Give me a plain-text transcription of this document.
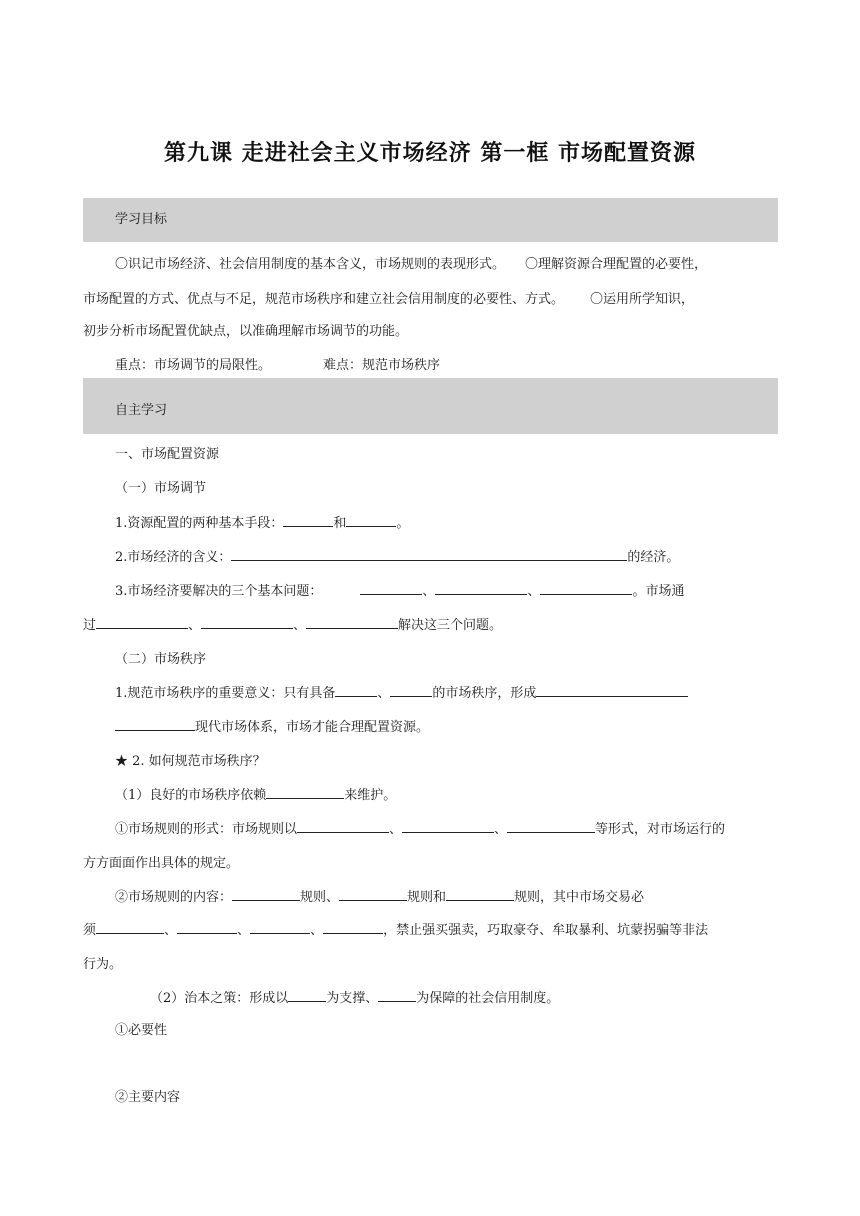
第九课 走进社会主义市场经济 第一框 市场配置资源
学习目标
〇识记市场经济、社会信用制度的基本含义，市场规则的表现形式。 〇理解资源合理配置的必要性，
市场配置的方式、优点与不足，规范市场秩序和建立社会信用制度的必要性、方式。 〇运用所学知识，
初步分析市场配置优缺点，以准确理解市场调节的功能。
重点：市场调节的局限性。	难点：规范市场秩序
自主学习
一、市场配置资源
（一）市场调节
1.资源配置的两种基本手段：	和	。
2.市场经济的含义：	的经济。
3.市场经济要解决的三个基本问题：	、	、	。市场通
过	、	、	解决这三个问题。
（二）市场秩序
1.规范市场秩序的重要意义：只有具备	、	的市场秩序，形成
现代市场体系，市场才能合理配置资源。
★ 2. 如何规范市场秩序？
（1）良好的市场秩序依赖	来维护。
①市场规则的形式：市场规则以	、	、	等形式，对市场运行的
方方面面作出具体的规定。
②市场规则的内容：	规则、	规则和	规则，其中市场交易必
须	、	、	、	，禁止强买强卖，巧取豪夺、牟取暴利、坑蒙拐骗等非法
行为。
（2）治本之策：形成以	为支撑、	为保障的社会信用制度。
①必要性
②主要内容
